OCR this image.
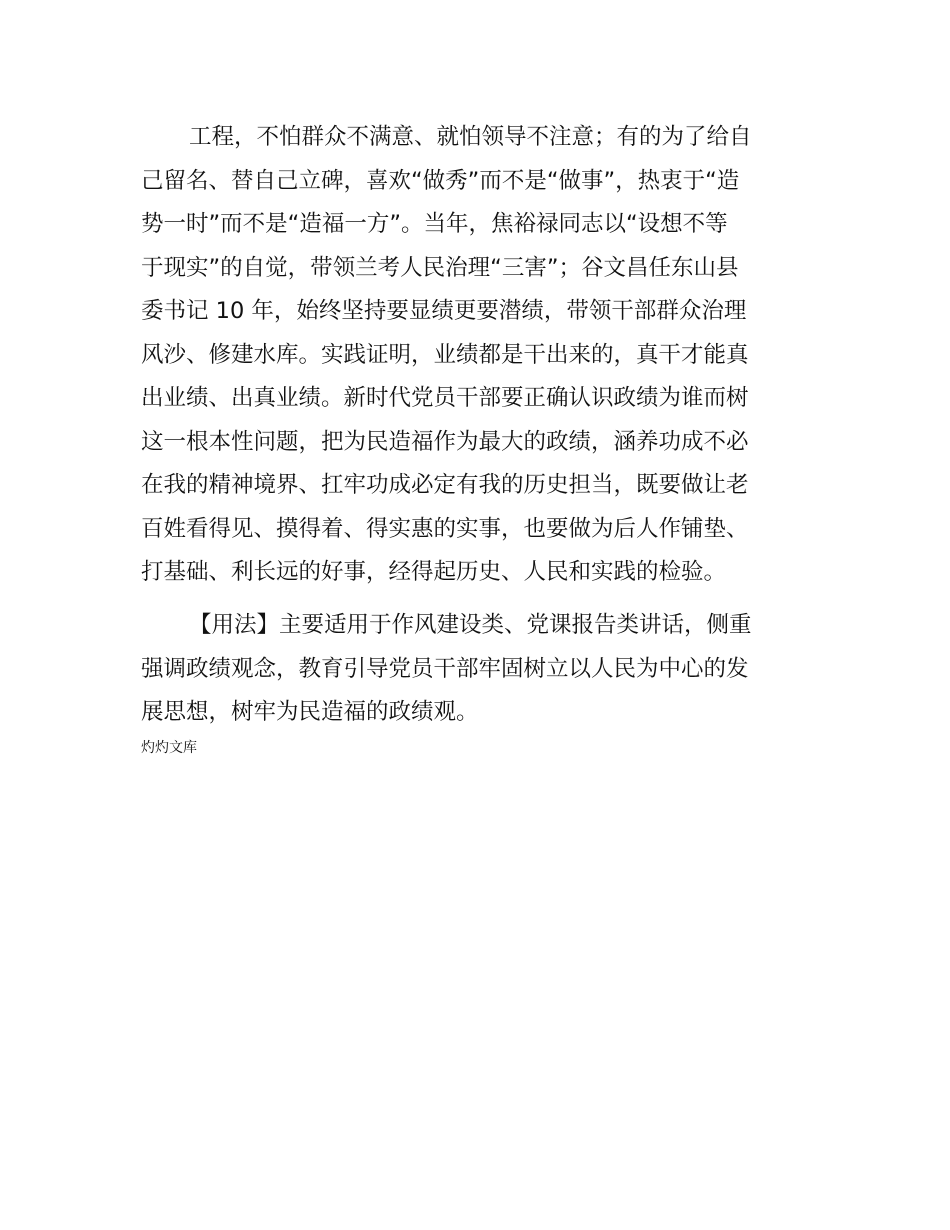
工程，不怕群众不满意、就怕领导不注意；有的为了给自
己留名、替自己立碑，喜欢“做秀”而不是“做事”，热衷于“造
势一时”而不是“造福一方”。当年，焦裕禄同志以“设想不等
于现实”的自觉，带领兰考人民治理“三害”；谷文昌任东山县
委书记 10 年，始终坚持要显绩更要潜绩，带领干部群众治理
风沙、修建水库。实践证明，业绩都是干出来的，真干才能真
出业绩、出真业绩。新时代党员干部要正确认识政绩为谁而树
这一根本性问题，把为民造福作为最大的政绩，涵养功成不必
在我的精神境界、扛牢功成必定有我的历史担当，既要做让老
百姓看得见、摸得着、得实惠的实事，也要做为后人作铺垫、
打基础、利长远的好事，经得起历史、人民和实践的检验。
【用法】主要适用于作风建设类、党课报告类讲话，侧重
强调政绩观念，教育引导党员干部牢固树立以人民为中心的发
展思想，树牢为民造福的政绩观。
灼灼文库
